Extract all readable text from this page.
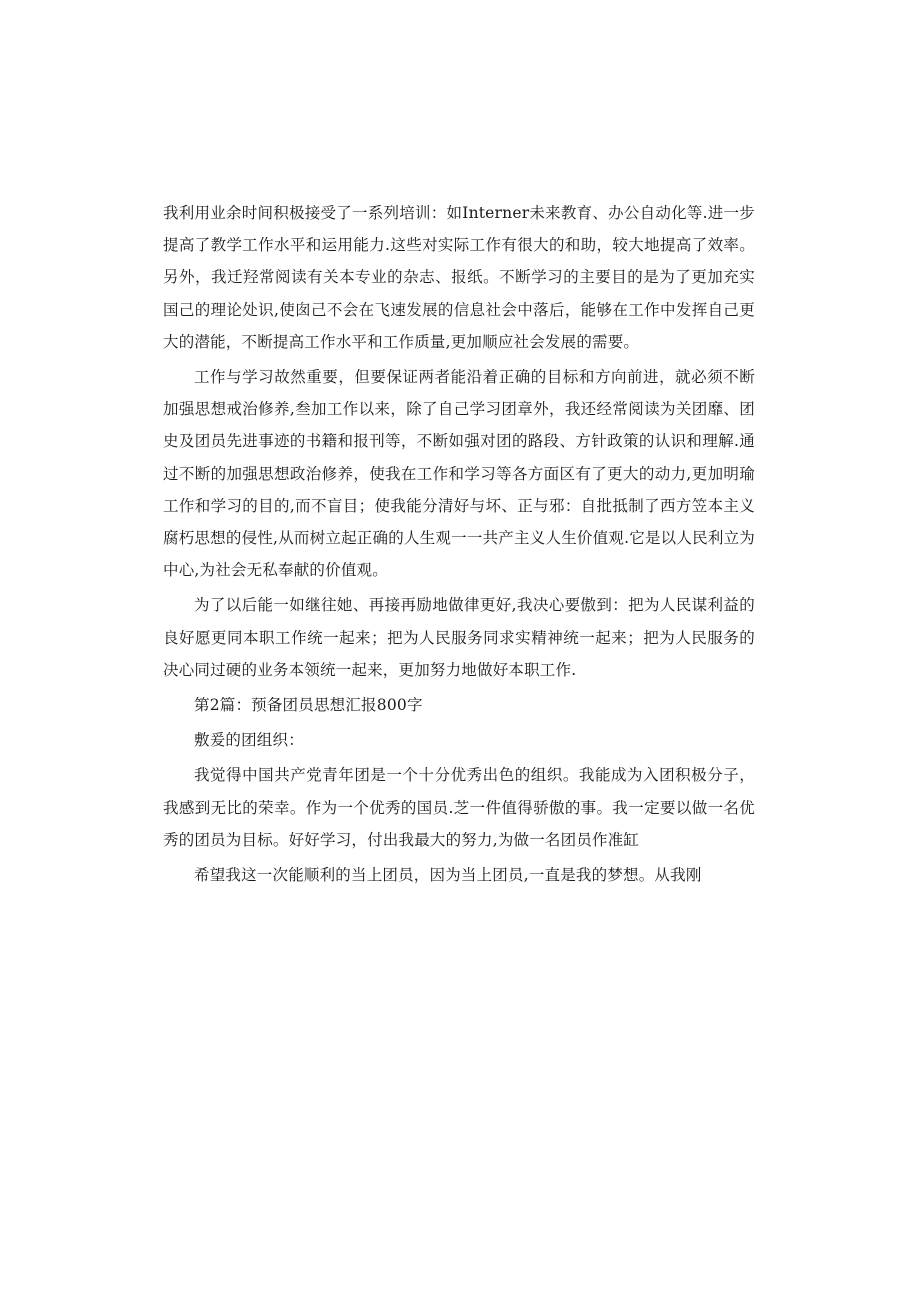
我利用业余时间积极接受了一系列培训：如Interner未来教育、办公自动化等.进一步提高了教学工作水平和运用能力.这些对实际工作有很大的和助，较大地提高了效率。另外，我迁羟常阅读有关本专业的杂志、报纸。不断学习的主要目的是为了更加充实国己的理论处识,使囱己不会在飞速发展的信息社会中落后，能够在工作中发挥自己更大的潜能，不断提高工作水平和工作质量,更加顺应社会发展的需要。

工作与学习故然重要，但要保证两者能沿着正确的目标和方向前进，就必须不断加强思想戒治修养,叁加工作以来，除了自己学习团章外，我还经常阅读为关团靡、团史及团员先进事迹的书籍和报刊等，不断如强对团的路段、方针政策的认识和理解.通过不断的加强思想政治修养，使我在工作和学习等各方面区有了更大的动力,更加明瑜工作和学习的目的,而不盲目；使我能分清好与坏、正与邪：自批抵制了西方笠本主义腐朽思想的侵性,从而树立起正确的人生观一一共产主义人生价值观.它是以人民利立为中心,为社会无私奉献的价值观。

为了以后能一如继往她、再接再励地做律更好,我决心要傲到：把为人民谋利益的良好愿更同本职工作统一起来；把为人民服务同求实精神统一起来；把为人民服务的决心同过硬的业务本领统一起来，更加努力地做好本职工作.

第2篇：预备团员思想汇报800字

敷爰的团组织：

我觉得中国共产党青年团是一个十分优秀出色的组织。我能成为入团积极分子，我感到无比的荣幸。作为一个优秀的国员.芝一件值得骄傲的事。我一定要以做一名优秀的团员为目标。好好学习，付出我最大的努力,为做一名团员作准缸

希望我这一次能顺利的当上团员，因为当上团员,一直是我的梦想。从我刚
